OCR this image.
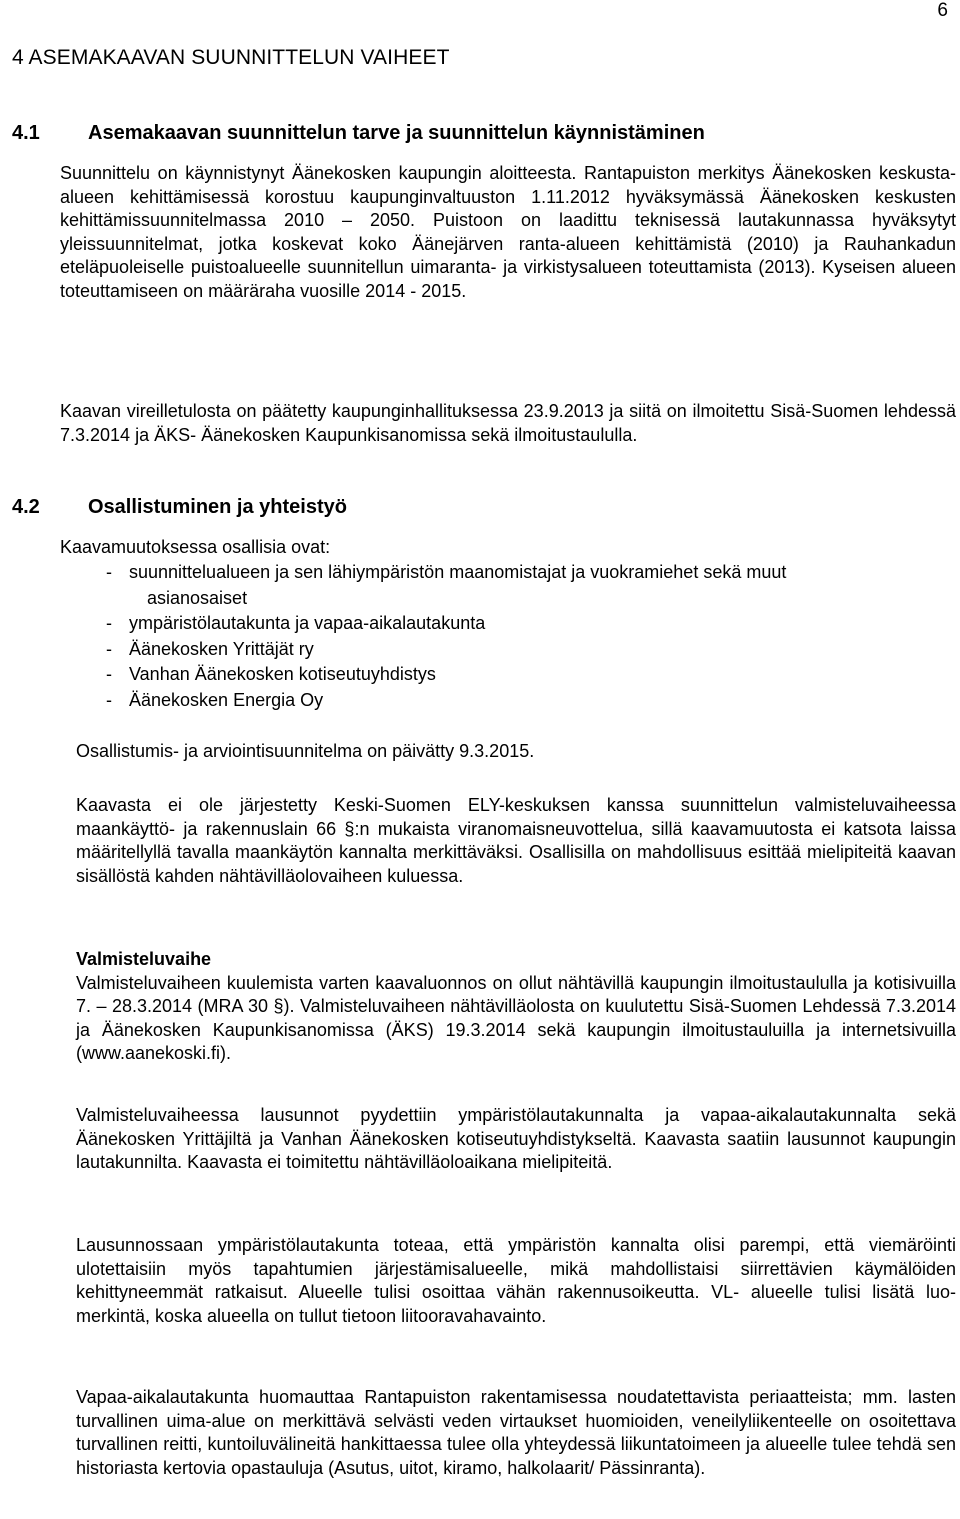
6
4 ASEMAKAAVAN SUUNNITTELUN VAIHEET
4.1 Asemakaavan suunnittelun tarve ja suunnittelun käynnistäminen

Suunnittelu on käynnistynyt Äänekosken kaupungin aloitteesta. Rantapuiston merkitys Äänekosken keskusta-alueen kehittämisessä korostuu kaupunginvaltuuston 1.11.2012 hyväksymässä Äänekosken keskusten kehittämissuunnitelmassa 2010 – 2050. Puistoon on laadittu teknisessä lautakunnassa hyväksytyt yleissuunnitelmat, jotka koskevat koko Äänejärven ranta-alueen kehittämistä (2010) ja Rauhankadun eteläpuoleiselle puistoalueelle suunnitellun uimaranta- ja virkistysalueen toteuttamista (2013). Kyseisen alueen toteuttamiseen on määräraha vuosille 2014 - 2015.

Kaavan vireilletulosta on päätetty kaupunginhallituksessa 23.9.2013 ja siitä on ilmoitettu Sisä-Suomen lehdessä 7.3.2014 ja ÄKS- Äänekosken Kaupunkisanomissa sekä ilmoitustaululla.

4.2 Osallistuminen ja yhteistyö

Kaavamuutoksessa osallisia ovat:

- suunnittelualueen ja sen lähiympäristön maanomistajat ja vuokramiehet sekä muut
asianosaiset
- ympäristölautakunta ja vapaa-aikalautakunta
- Äänekosken Yrittäjät ry
- Vanhan Äänekosken kotiseutuyhdistys
- Äänekosken Energia Oy

Osallistumis- ja arviointisuunnitelma on päivätty 9.3.2015.

Kaavasta ei ole järjestetty Keski-Suomen ELY-keskuksen kanssa suunnittelun valmisteluvaiheessa maankäyttö- ja rakennuslain 66 §:n mukaista viranomaisneuvottelua, sillä kaavamuutosta ei katsota laissa määritellyllä tavalla maankäytön kannalta merkittäväksi. Osallisilla on mahdollisuus esittää mielipiteitä kaavan sisällöstä kahden nähtävilläolovaiheen kuluessa.

Valmisteluvaihe

Valmisteluvaiheen kuulemista varten kaavaluonnos on ollut nähtävillä kaupungin ilmoitustaululla ja kotisivuilla 7. – 28.3.2014 (MRA 30 §). Valmisteluvaiheen nähtävilläolosta on kuulutettu Sisä-Suomen Lehdessä 7.3.2014 ja Äänekosken Kaupunkisanomissa (ÄKS) 19.3.2014 sekä kaupungin ilmoitustauluilla ja internetsivuilla (www.aanekoski.fi).

Valmisteluvaiheessa lausunnot pyydettiin ympäristölautakunnalta ja vapaa-aikalautakunnalta sekä Äänekosken Yrittäjiltä ja Vanhan Äänekosken kotiseutuyhdistykseltä. Kaavasta saatiin lausunnot kaupungin lautakunnilta. Kaavasta ei toimitettu nähtävilläoloaikana mielipiteitä.

Lausunnossaan ympäristölautakunta toteaa, että ympäristön kannalta olisi parempi, että viemäröinti ulotettaisiin myös tapahtumien järjestämisalueelle, mikä mahdollistaisi siirrettävien käymälöiden kehittyneemmät ratkaisut. Alueelle tulisi osoittaa vähän rakennusoikeutta. VL- alueelle tulisi lisätä luo- merkintä, koska alueella on tullut tietoon liitooravahavainto.

Vapaa-aikalautakunta huomauttaa Rantapuiston rakentamisessa noudatettavista periaatteista; mm. lasten turvallinen uima-alue on merkittävä selvästi veden virtaukset huomioiden, veneilyliikenteelle on osoitettava turvallinen reitti, kuntoiluvälineitä hankittaessa tulee olla yhteydessä liikuntatoimeen ja alueelle tulee tehdä sen historiasta kertovia opastauluja (Asutus, uitot, kiramo, halkolaarit/ Pässinranta).
